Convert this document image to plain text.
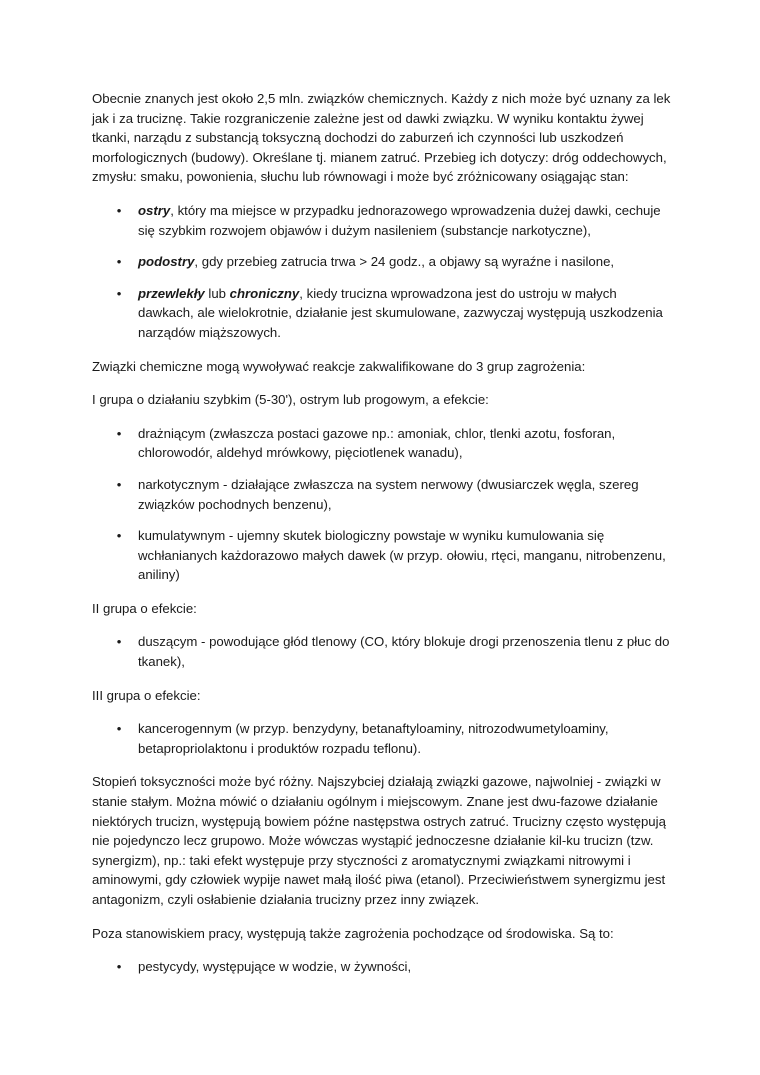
Obecnie znanych jest około 2,5 mln. związków chemicznych. Każdy z nich może być uznany za lek jak i za truciznę. Takie rozgraniczenie zależne jest od dawki związku. W wyniku kontaktu żywej tkanki, narządu z substancją toksyczną dochodzi do zaburzeń ich czynności lub uszkodzeń morfologicznych (budowy). Określane tj. mianem zatruć. Przebieg ich dotyczy: dróg oddechowych, zmysłu: smaku, powonienia, słuchu lub równowagi i może być zróżnicowany osiągając stan:

• ostry, który ma miejsce w przypadku jednorazowego wprowadzenia dużej dawki, cechuje się szybkim rozwojem objawów i dużym nasileniem (substancje narkotyczne),
• podostry, gdy przebieg zatrucia trwa > 24 godz., a objawy są wyraźne i nasilone,
• przewlekły lub chroniczny, kiedy trucizna wprowadzona jest do ustroju w małych dawkach, ale wielokrotnie, działanie jest skumulowane, zazwyczaj występują uszkodzenia narządów miąższowych.

Związki chemiczne mogą wywoływać reakcje zakwalifikowane do 3 grup zagrożenia:

I grupa o działaniu szybkim (5-30'), ostrym lub progowym, a efekcie:

• drażniącym (zwłaszcza postaci gazowe np.: amoniak, chlor, tlenki azotu, fosforan, chlorowodór, aldehyd mrówkowy, pięciotlenek wanadu),
• narkotycznym - działające zwłaszcza na system nerwowy (dwusiarczek węgla, szereg związków pochodnych benzenu),
• kumulatywnym - ujemny skutek biologiczny powstaje w wyniku kumulowania się wchłanianych każdorazowo małych dawek (w przyp. ołowiu, rtęci, manganu, nitrobenzenu, aniliny)

II grupa o efekcie:

• duszącym - powodujące głód tlenowy (CO, który blokuje drogi przenoszenia tlenu z płuc do tkanek),

III grupa o efekcie:

• kancerogennym (w przyp. benzydyny, betanaftyloaminy, nitrozodwumetyloaminy, betapropriolaktonu i produktów rozpadu teflonu).

Stopień toksyczności może być różny. Najszybciej działają związki gazowe, najwolniej - związki w stanie stałym. Można mówić o działaniu ogólnym i miejscowym. Znane jest dwu-fazowe działanie niektórych trucizn, występują bowiem późne następstwa ostrych zatruć. Trucizny często występują nie pojedynczo lecz grupowo. Może wówczas wystąpić jednoczesne działanie kil-ku trucizn (tzw. synergizm), np.: taki efekt występuje przy styczności z aromatycznymi związkami nitrowymi i aminowymi, gdy człowiek wypije nawet małą ilość piwa (etanol). Przeciwieństwem synergizmu jest antagonizm, czyli osłabienie działania trucizny przez inny związek.

Poza stanowiskiem pracy, występują także zagrożenia pochodzące od środowiska. Są to:

• pestycydy, występujące w wodzie, w żywności,
